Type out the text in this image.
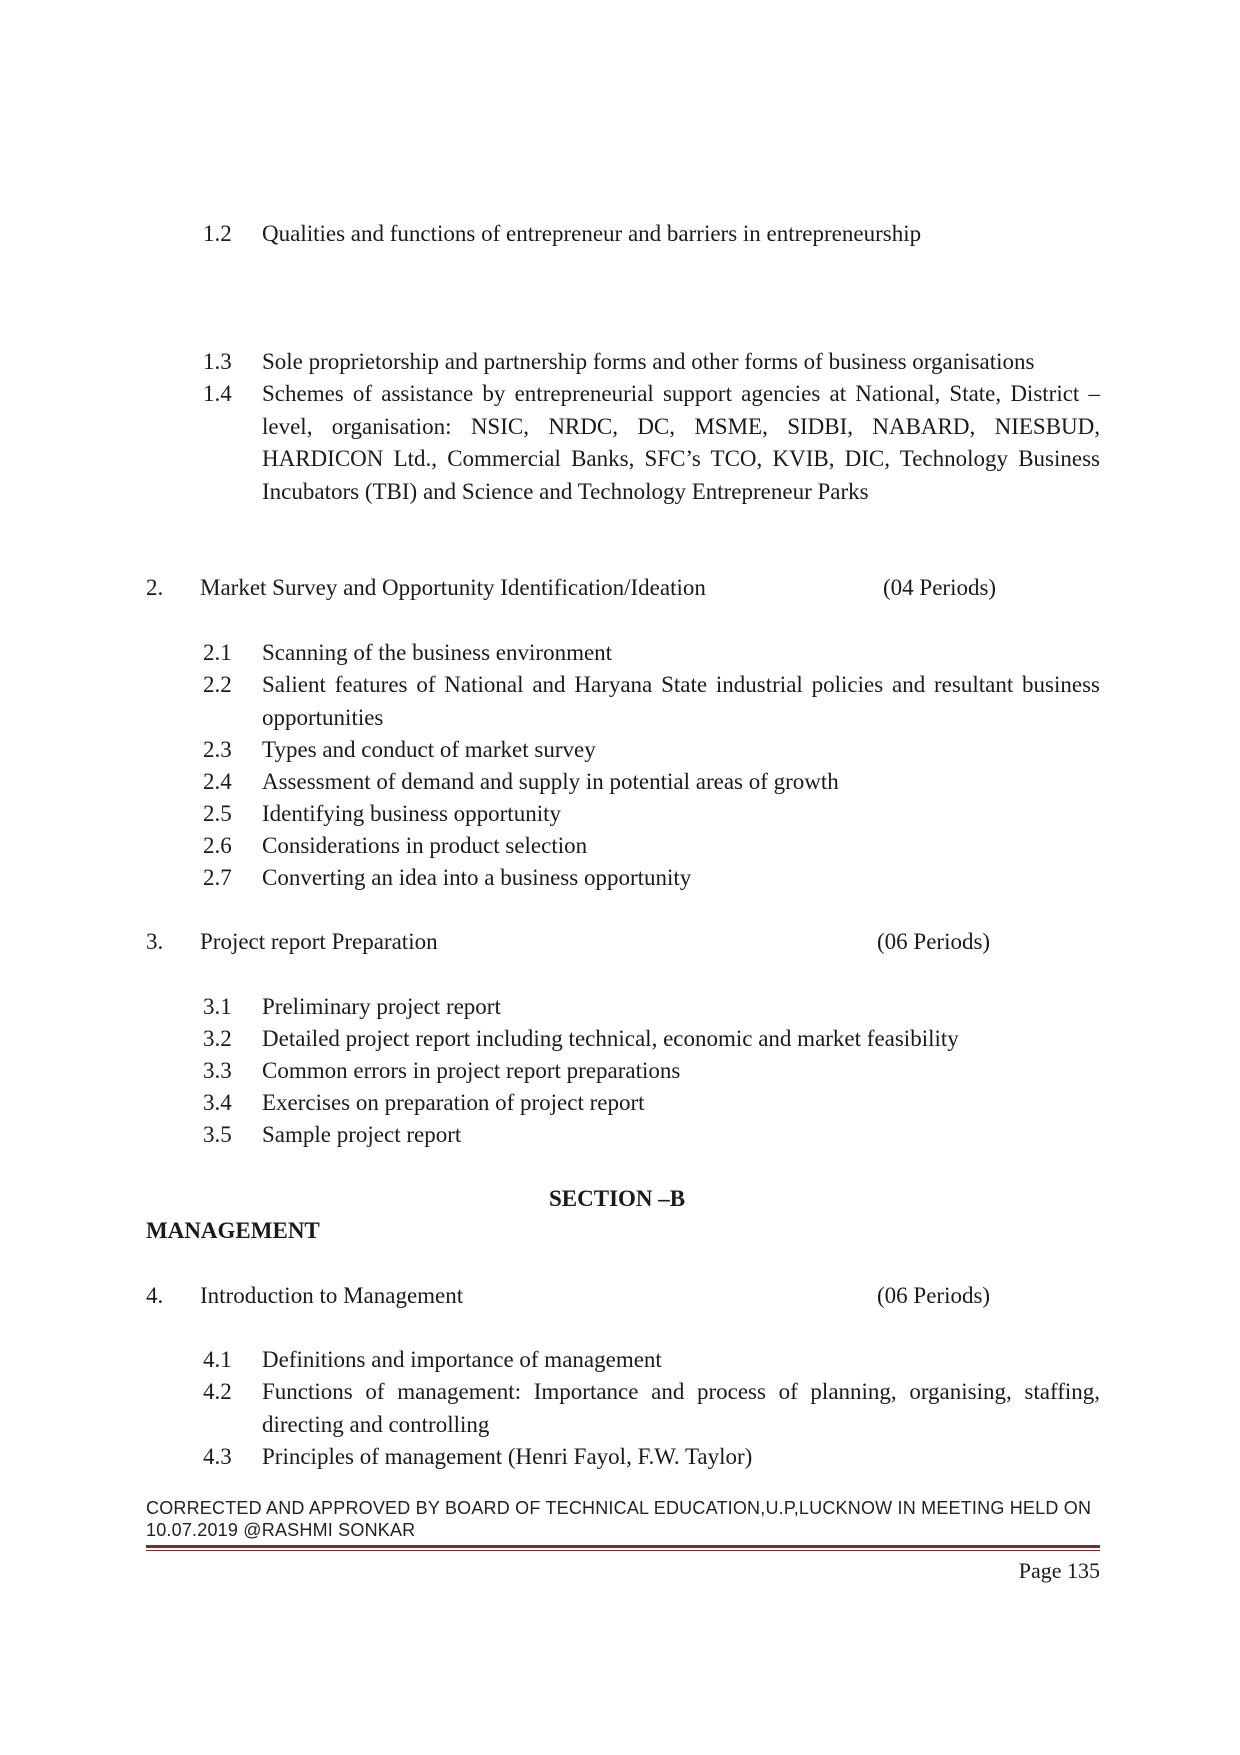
1.2 Qualities and functions of entrepreneur and barriers in entrepreneurship
1.3 Sole proprietorship and partnership forms and other forms of business organisations
1.4 Schemes of assistance by entrepreneurial support agencies at National, State, District –level, organisation: NSIC, NRDC, DC, MSME, SIDBI, NABARD, NIESBUD, HARDICON Ltd., Commercial Banks, SFC’s TCO, KVIB, DIC, Technology Business Incubators (TBI) and Science and Technology Entrepreneur Parks
2. Market Survey and Opportunity Identification/Ideation	(04 Periods)
2.1 Scanning of the business environment
2.2 Salient features of National and Haryana State industrial policies and resultant business opportunities
2.3 Types and conduct of market survey
2.4 Assessment of demand and supply in potential areas of growth
2.5 Identifying business opportunity
2.6 Considerations in product selection
2.7 Converting an idea into a business opportunity
3. Project report Preparation	(06 Periods)
3.1 Preliminary project report
3.2 Detailed project report including technical, economic and market feasibility
3.3 Common errors in project report preparations
3.4 Exercises on preparation of project report
3.5 Sample project report
SECTION –B
MANAGEMENT
4. Introduction to Management	(06 Periods)
4.1 Definitions and importance of management
4.2 Functions of management: Importance and process of planning, organising, staffing, directing and controlling
4.3 Principles of management (Henri Fayol, F.W. Taylor)
CORRECTED AND APPROVED BY BOARD OF TECHNICAL EDUCATION,U.P,LUCKNOW IN MEETING HELD ON 10.07.2019 @RASHMI SONKAR
Page 135
